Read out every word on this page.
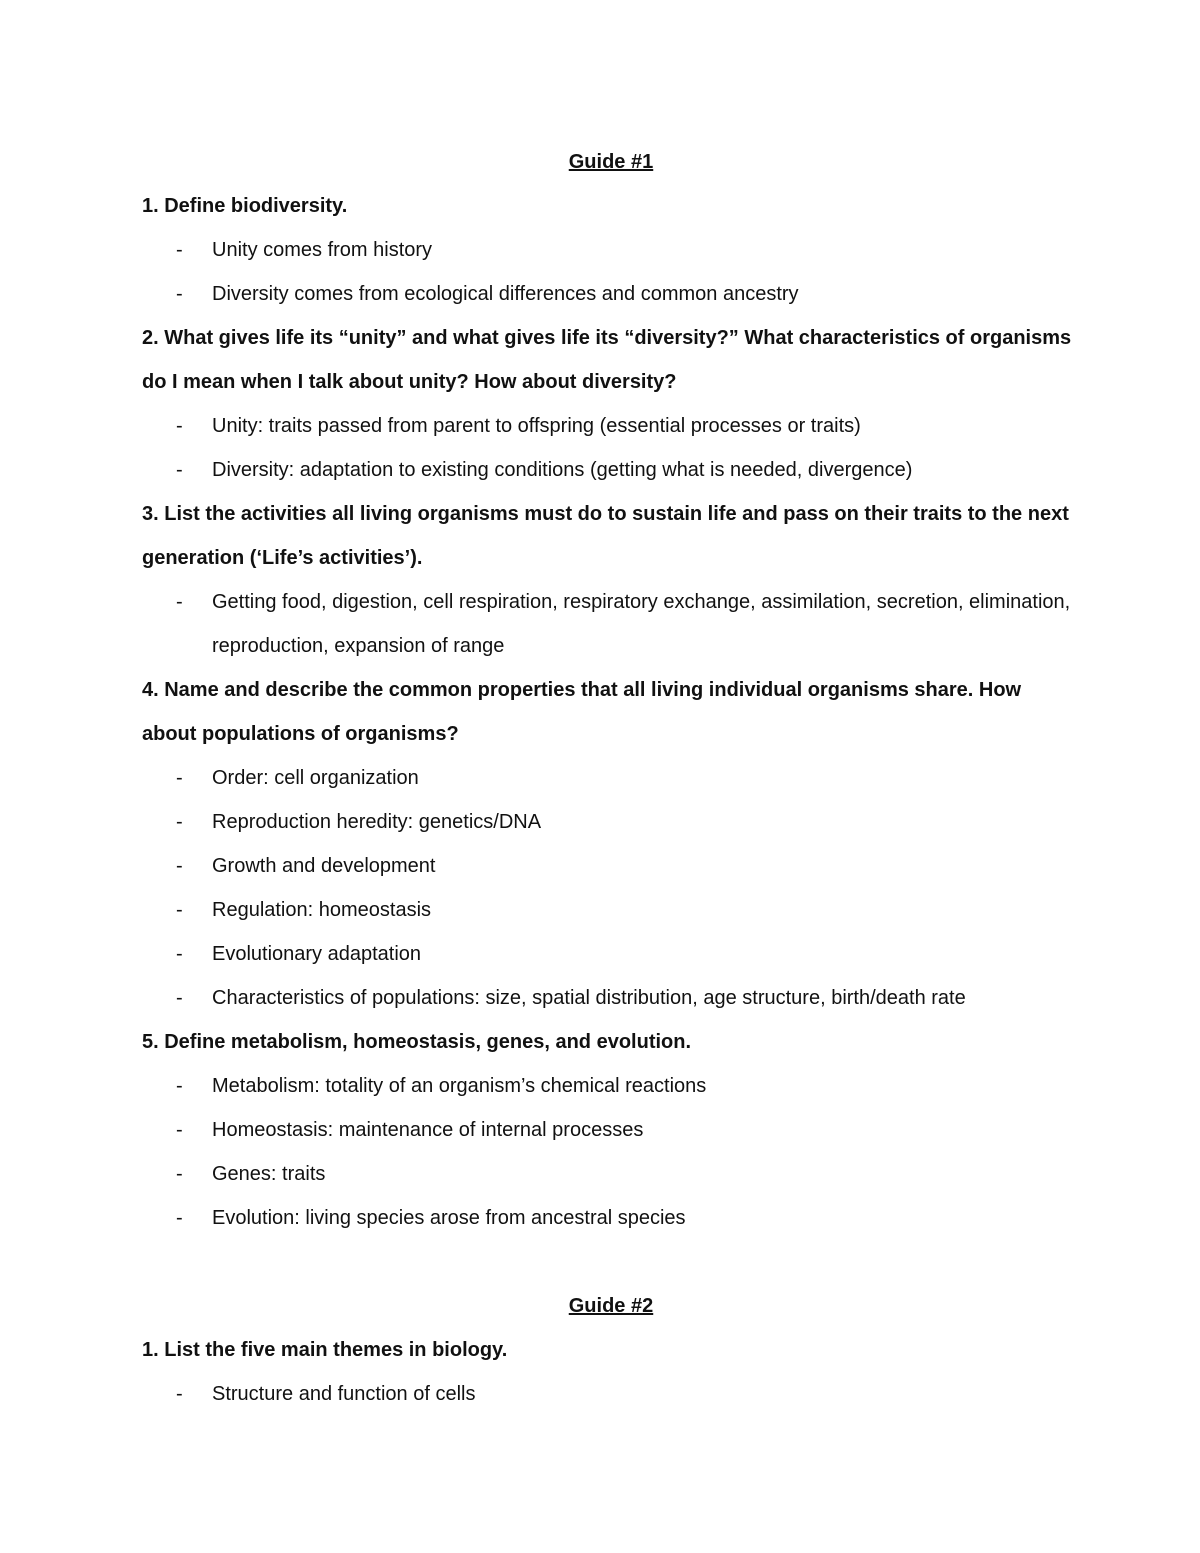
Guide #1

1. Define biodiversity.

- Unity comes from history
- Diversity comes from ecological differences and common ancestry

2. What gives life its “unity” and what gives life its “diversity?” What characteristics of organisms do I mean when I talk about unity? How about diversity?

- Unity: traits passed from parent to offspring (essential processes or traits)
- Diversity: adaptation to existing conditions (getting what is needed, divergence)

3. List the activities all living organisms must do to sustain life and pass on their traits to the next generation (‘Life’s activities’).

- Getting food, digestion, cell respiration, respiratory exchange, assimilation, secretion, elimination, reproduction, expansion of range

4. Name and describe the common properties that all living individual organisms share. How about populations of organisms?

- Order: cell organization
- Reproduction heredity: genetics/DNA
- Growth and development
- Regulation: homeostasis
- Evolutionary adaptation
- Characteristics of populations: size, spatial distribution, age structure, birth/death rate

5. Define metabolism, homeostasis, genes, and evolution.

- Metabolism: totality of an organism’s chemical reactions
- Homeostasis: maintenance of internal processes
- Genes: traits
- Evolution: living species arose from ancestral species
Guide #2

1. List the five main themes in biology.

- Structure and function of cells
